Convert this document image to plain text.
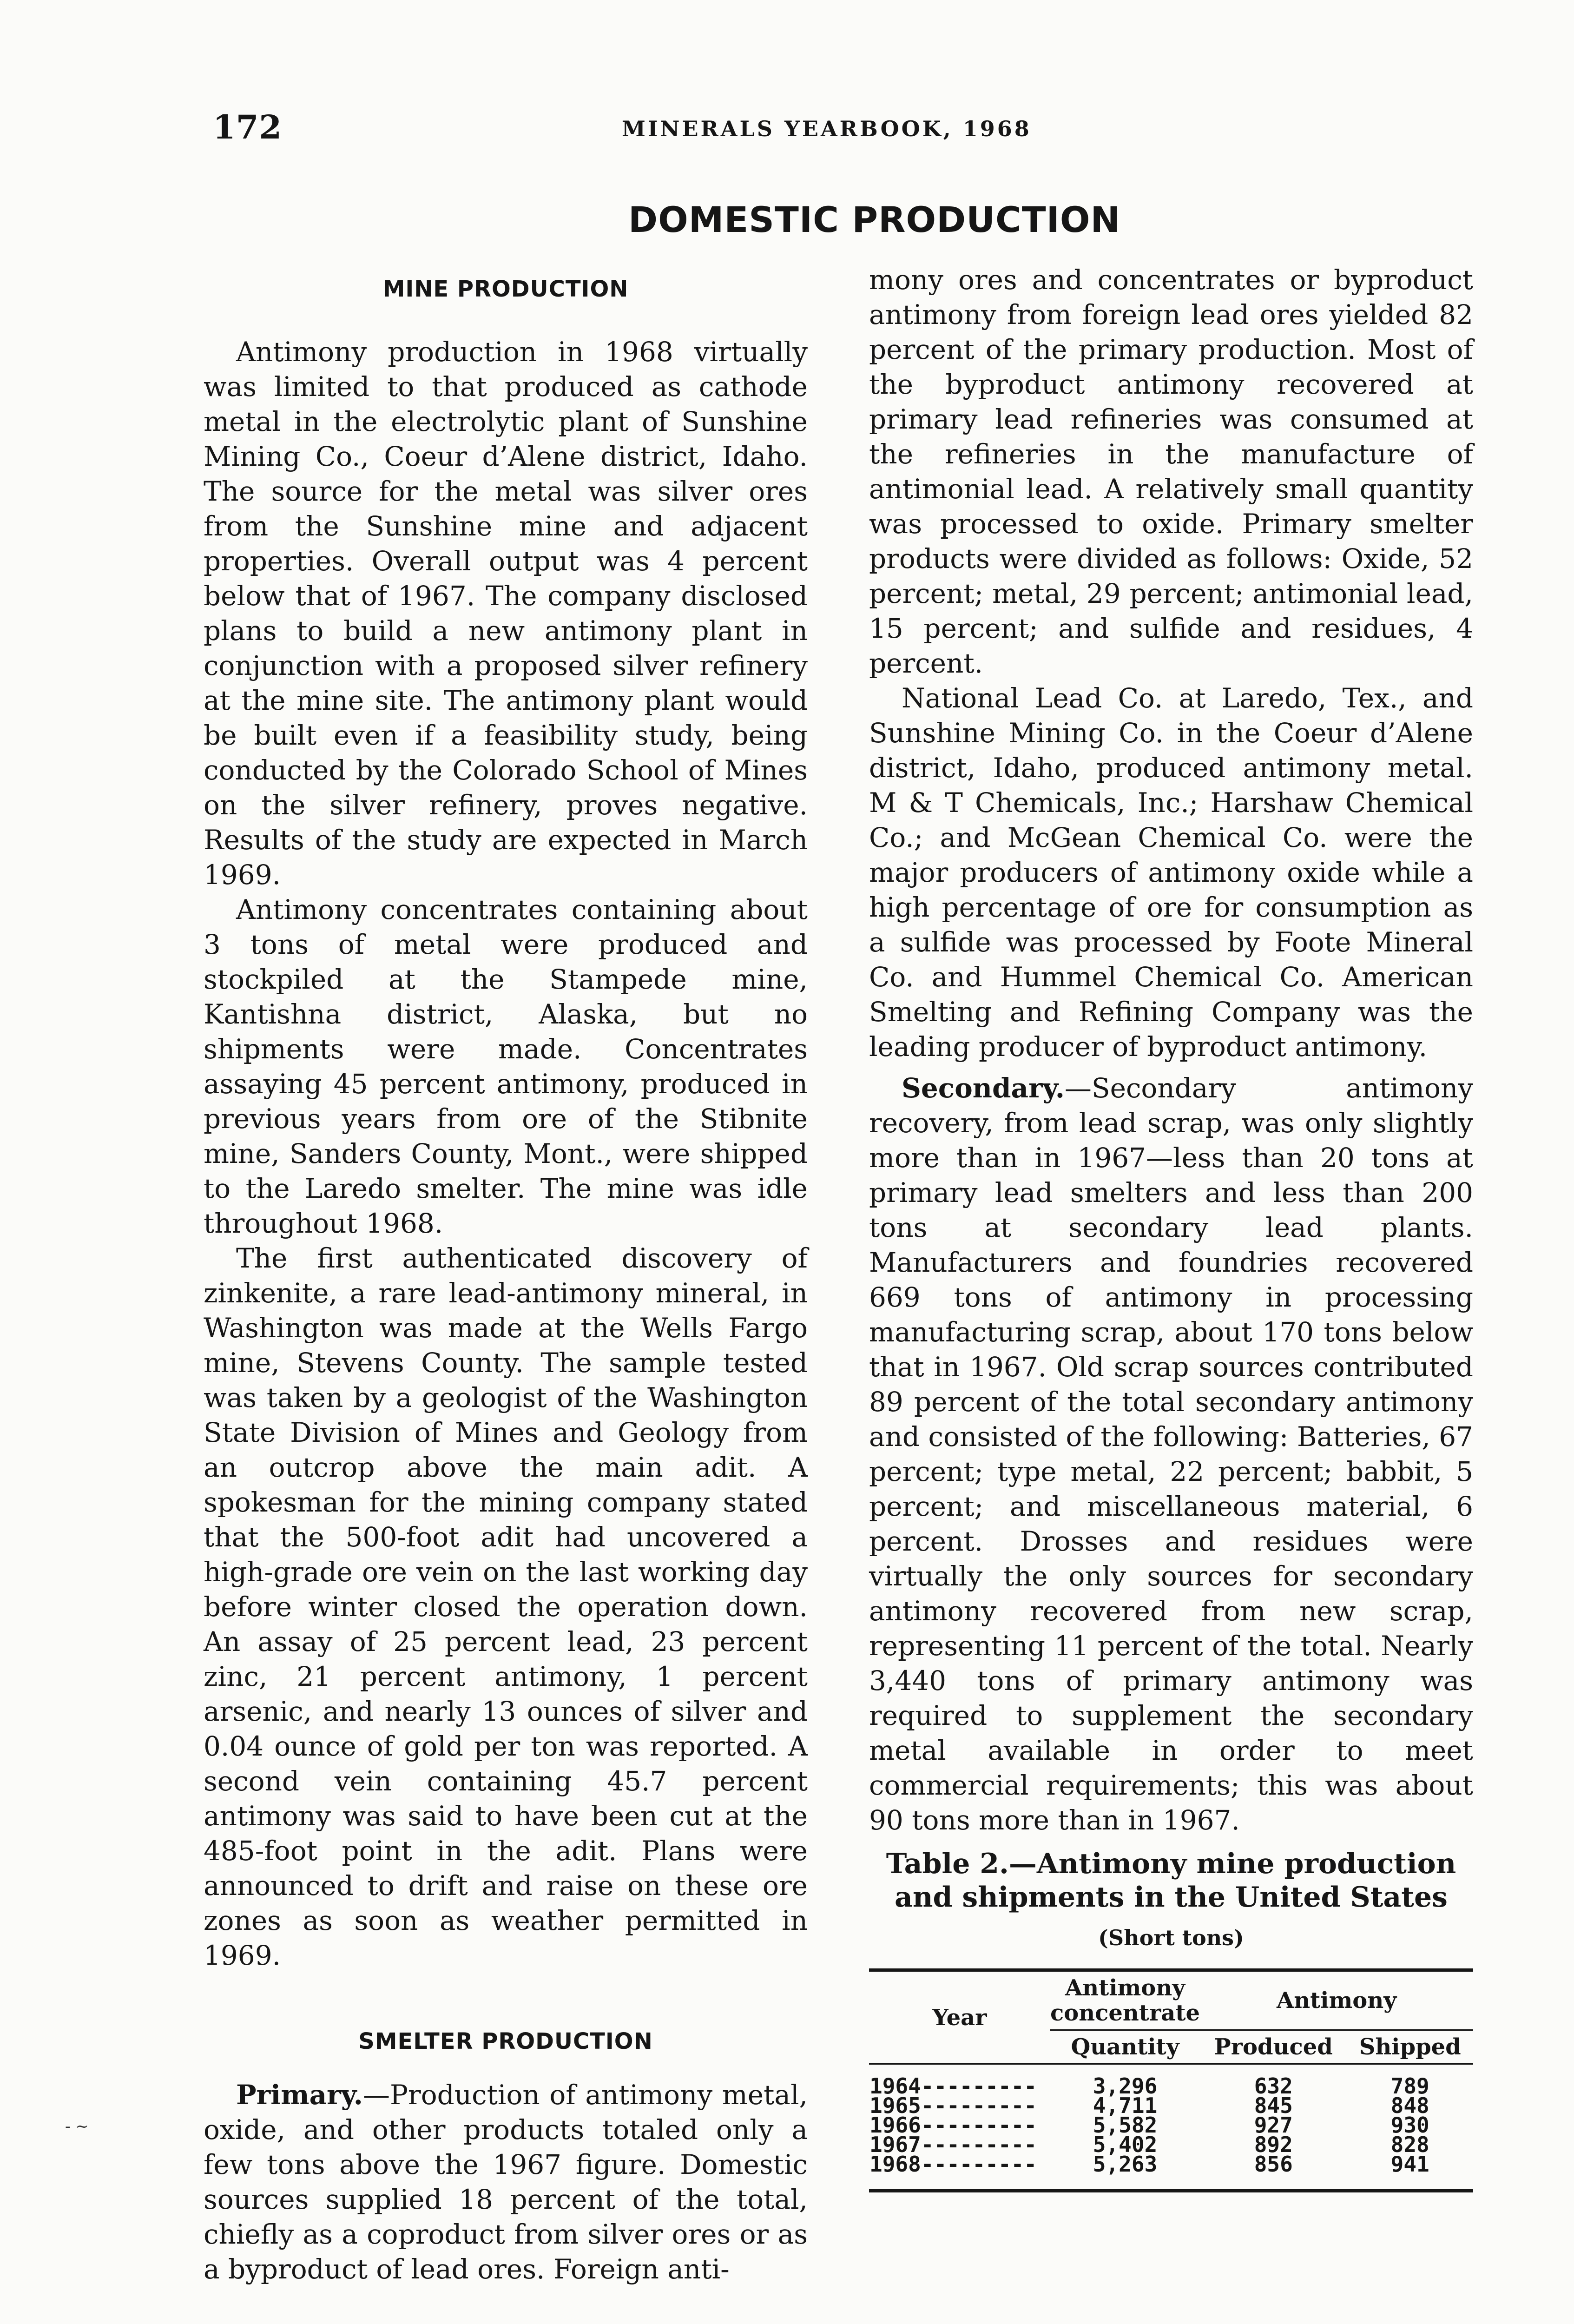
172	MINERALS YEARBOOK, 1968
DOMESTIC PRODUCTION
- ~
MINE PRODUCTION

Antimony production in 1968 virtually was limited to that produced as cathode metal in the electrolytic plant of Sunshine Mining Co., Coeur d’Alene district, Idaho. The source for the metal was silver ores from the Sunshine mine and adjacent properties. Overall output was 4 percent below that of 1967. The company disclosed plans to build a new antimony plant in conjunction with a proposed silver refinery at the mine site. The antimony plant would be built even if a feasibility study, being conducted by the Colorado School of Mines on the silver refinery, proves negative. Results of the study are expected in March 1969.

Antimony concentrates containing about 3 tons of metal were produced and stockpiled at the Stampede mine, Kantishna district, Alaska, but no shipments were made. Concentrates assaying 45 percent antimony, produced in previous years from ore of the Stibnite mine, Sanders County, Mont., were shipped to the Laredo smelter. The mine was idle throughout 1968.

The first authenticated discovery of zinkenite, a rare lead-antimony mineral, in Washington was made at the Wells Fargo mine, Stevens County. The sample tested was taken by a geologist of the Washington State Division of Mines and Geology from an outcrop above the main adit. A spokesman for the mining company stated that the 500-foot adit had uncovered a high-grade ore vein on the last working day before winter closed the operation down. An assay of 25 percent lead, 23 percent zinc, 21 percent antimony, 1 percent arsenic, and nearly 13 ounces of silver and 0.04 ounce of gold per ton was reported. A second vein containing 45.7 percent antimony was said to have been cut at the 485-foot point in the adit. Plans were announced to drift and raise on these ore zones as soon as weather permitted in 1969.

SMELTER PRODUCTION

Primary.—Production of antimony metal, oxide, and other products totaled only a few tons above the 1967 figure. Domestic sources supplied 18 percent of the total, chiefly as a coproduct from silver ores or as a byproduct of lead ores. Foreign anti-

mony ores and concentrates or byproduct antimony from foreign lead ores yielded 82 percent of the primary production. Most of the byproduct antimony recovered at primary lead refineries was consumed at the refineries in the manufacture of antimonial lead. A relatively small quantity was processed to oxide. Primary smelter products were divided as follows: Oxide, 52 percent; metal, 29 percent; antimonial lead, 15 percent; and sulfide and residues, 4 percent.

National Lead Co. at Laredo, Tex., and Sunshine Mining Co. in the Coeur d’Alene district, Idaho, produced antimony metal. M & T Chemicals, Inc.; Harshaw Chemical Co.; and McGean Chemical Co. were the major producers of antimony oxide while a high percentage of ore for consumption as a sulfide was processed by Foote Mineral Co. and Hummel Chemical Co. American Smelting and Refining Company was the leading producer of byproduct antimony.

Secondary.—Secondary antimony recovery, from lead scrap, was only slightly more than in 1967—less than 20 tons at primary lead smelters and less than 200 tons at secondary lead plants. Manufacturers and foundries recovered 669 tons of antimony in processing manufacturing scrap, about 170 tons below that in 1967. Old scrap sources contributed 89 percent of the total secondary antimony and consisted of the following: Batteries, 67 percent; type metal, 22 percent; babbit, 5 percent; and miscellaneous material, 6 percent. Drosses and residues were virtually the only sources for secondary antimony recovered from new scrap, representing 11 percent of the total. Nearly 3,440 tons of primary antimony was required to supplement the secondary metal available in order to meet commercial requirements; this was about 90 tons more than in 1967.

Table 2.—Antimony mine production and shipments in the United States
(Short tons)
Year	Antimony concentrate	Antimony	
	Quantity	Produced	Shipped
1964---------	3,296	632	789
1965---------	4,711	845	848
1966---------	5,582	927	930
1967---------	5,402	892	828
1968---------	5,263	856	941
